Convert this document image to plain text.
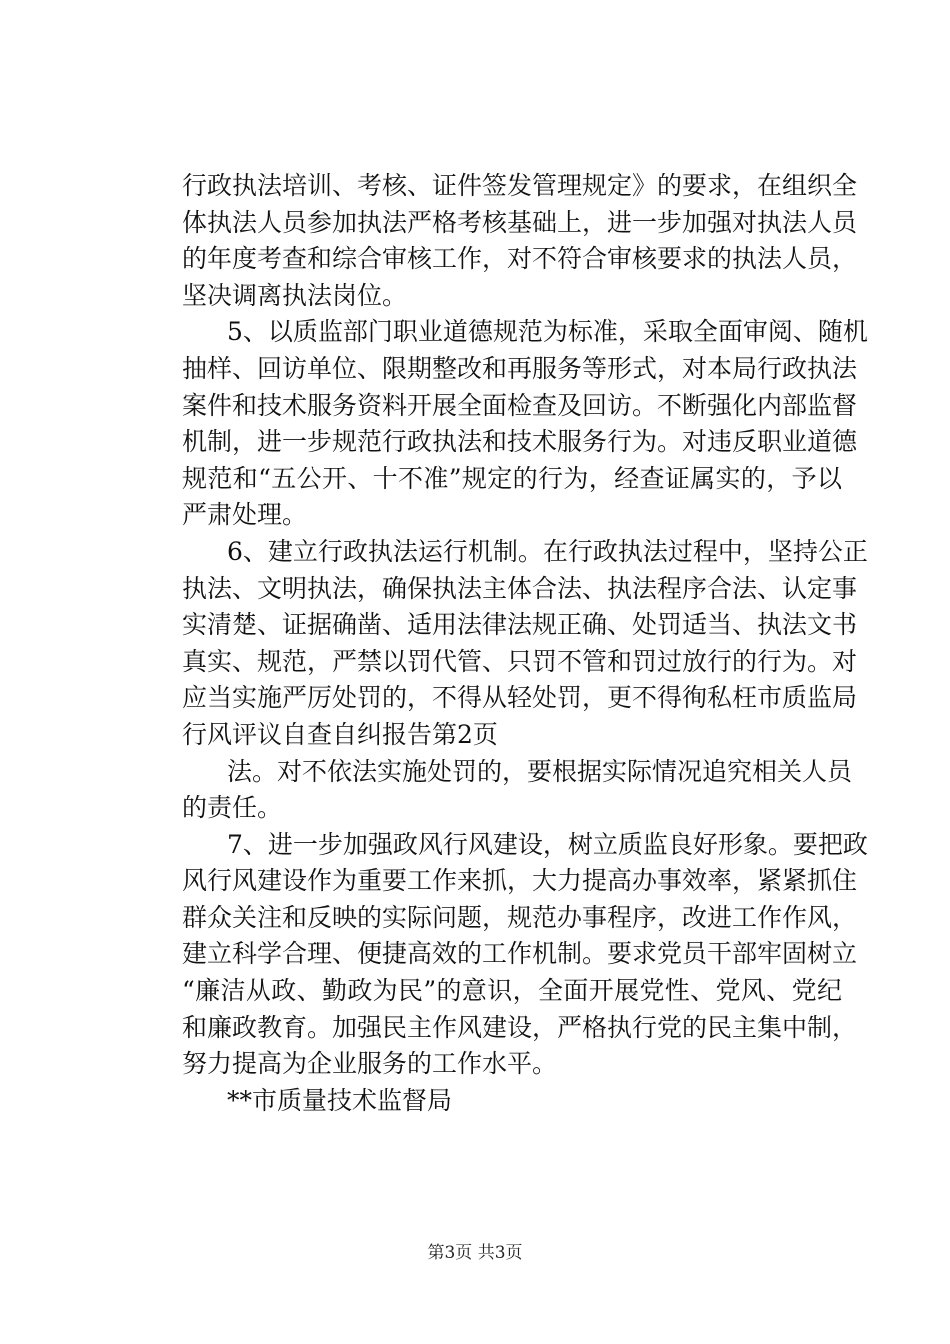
行政执法培训、考核、证件签发管理规定》的要求，在组织全
体执法人员参加执法严格考核基础上，进一步加强对执法人员
的年度考查和综合审核工作，对不符合审核要求的执法人员，
坚决调离执法岗位。
5、以质监部门职业道德规范为标准，采取全面审阅、随机
抽样、回访单位、限期整改和再服务等形式，对本局行政执法
案件和技术服务资料开展全面检查及回访。不断强化内部监督
机制，进一步规范行政执法和技术服务行为。对违反职业道德
规范和“五公开、十不准”规定的行为，经查证属实的，予以
严肃处理。
6、建立行政执法运行机制。在行政执法过程中，坚持公正
执法、文明执法，确保执法主体合法、执法程序合法、认定事
实清楚、证据确凿、适用法律法规正确、处罚适当、执法文书
真实、规范，严禁以罚代管、只罚不管和罚过放行的行为。对
应当实施严厉处罚的，不得从轻处罚，更不得徇私枉市质监局
行风评议自查自纠报告第2页
法。对不依法实施处罚的，要根据实际情况追究相关人员
的责任。
7、进一步加强政风行风建设，树立质监良好形象。要把政
风行风建设作为重要工作来抓，大力提高办事效率，紧紧抓住
群众关注和反映的实际问题，规范办事程序，改进工作作风，
建立科学合理、便捷高效的工作机制。要求党员干部牢固树立
“廉洁从政、勤政为民”的意识，全面开展党性、党风、党纪
和廉政教育。加强民主作风建设，严格执行党的民主集中制，
努力提高为企业服务的工作水平。
**市质量技术监督局
第3页 共3页
